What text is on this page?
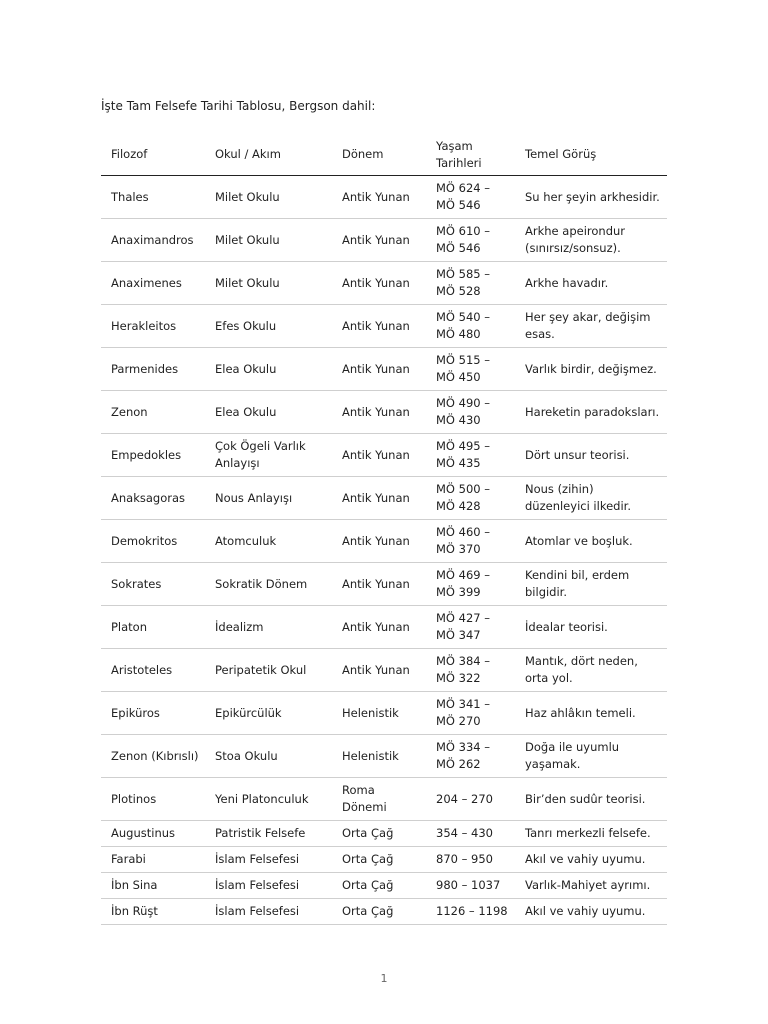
İşte Tam Felsefe Tarihi Tablosu, Bergson dahil:

Filozof	Okul / Akım	Dönem	Yaşam Tarihleri	Temel Görüş
Thales	Milet Okulu	Antik Yunan	MÖ 624 – MÖ 546	Su her şeyin arkhesidir.
Anaximandros	Milet Okulu	Antik Yunan	MÖ 610 – MÖ 546	Arkhe apeirondur (sınırsız/sonsuz).
Anaximenes	Milet Okulu	Antik Yunan	MÖ 585 – MÖ 528	Arkhe havadır.
Herakleitos	Efes Okulu	Antik Yunan	MÖ 540 – MÖ 480	Her şey akar, değişim esas.
Parmenides	Elea Okulu	Antik Yunan	MÖ 515 – MÖ 450	Varlık birdir, değişmez.
Zenon	Elea Okulu	Antik Yunan	MÖ 490 – MÖ 430	Hareketin paradoksları.
Empedokles	Çok Ögeli Varlık Anlayışı	Antik Yunan	MÖ 495 – MÖ 435	Dört unsur teorisi.
Anaksagoras	Nous Anlayışı	Antik Yunan	MÖ 500 – MÖ 428	Nous (zihin) düzenleyici ilkedir.
Demokritos	Atomculuk	Antik Yunan	MÖ 460 – MÖ 370	Atomlar ve boşluk.
Sokrates	Sokratik Dönem	Antik Yunan	MÖ 469 – MÖ 399	Kendini bil, erdem bilgidir.
Platon	İdealizm	Antik Yunan	MÖ 427 – MÖ 347	İdealar teorisi.
Aristoteles	Peripatetik Okul	Antik Yunan	MÖ 384 – MÖ 322	Mantık, dört neden, orta yol.
Epiküros	Epikürcülük	Helenistik	MÖ 341 – MÖ 270	Haz ahlâkın temeli.
Zenon (Kıbrıslı)	Stoa Okulu	Helenistik	MÖ 334 – MÖ 262	Doğa ile uyumlu yaşamak.
Plotinos	Yeni Platonculuk	Roma Dönemi	204 – 270	Bir’den sudûr teorisi.
Augustinus	Patristik Felsefe	Orta Çağ	354 – 430	Tanrı merkezli felsefe.
Farabi	İslam Felsefesi	Orta Çağ	870 – 950	Akıl ve vahiy uyumu.
İbn Sina	İslam Felsefesi	Orta Çağ	980 – 1037	Varlık-Mahiyet ayrımı.
İbn Rüşt	İslam Felsefesi	Orta Çağ	1126 – 1198	Akıl ve vahiy uyumu.
1
